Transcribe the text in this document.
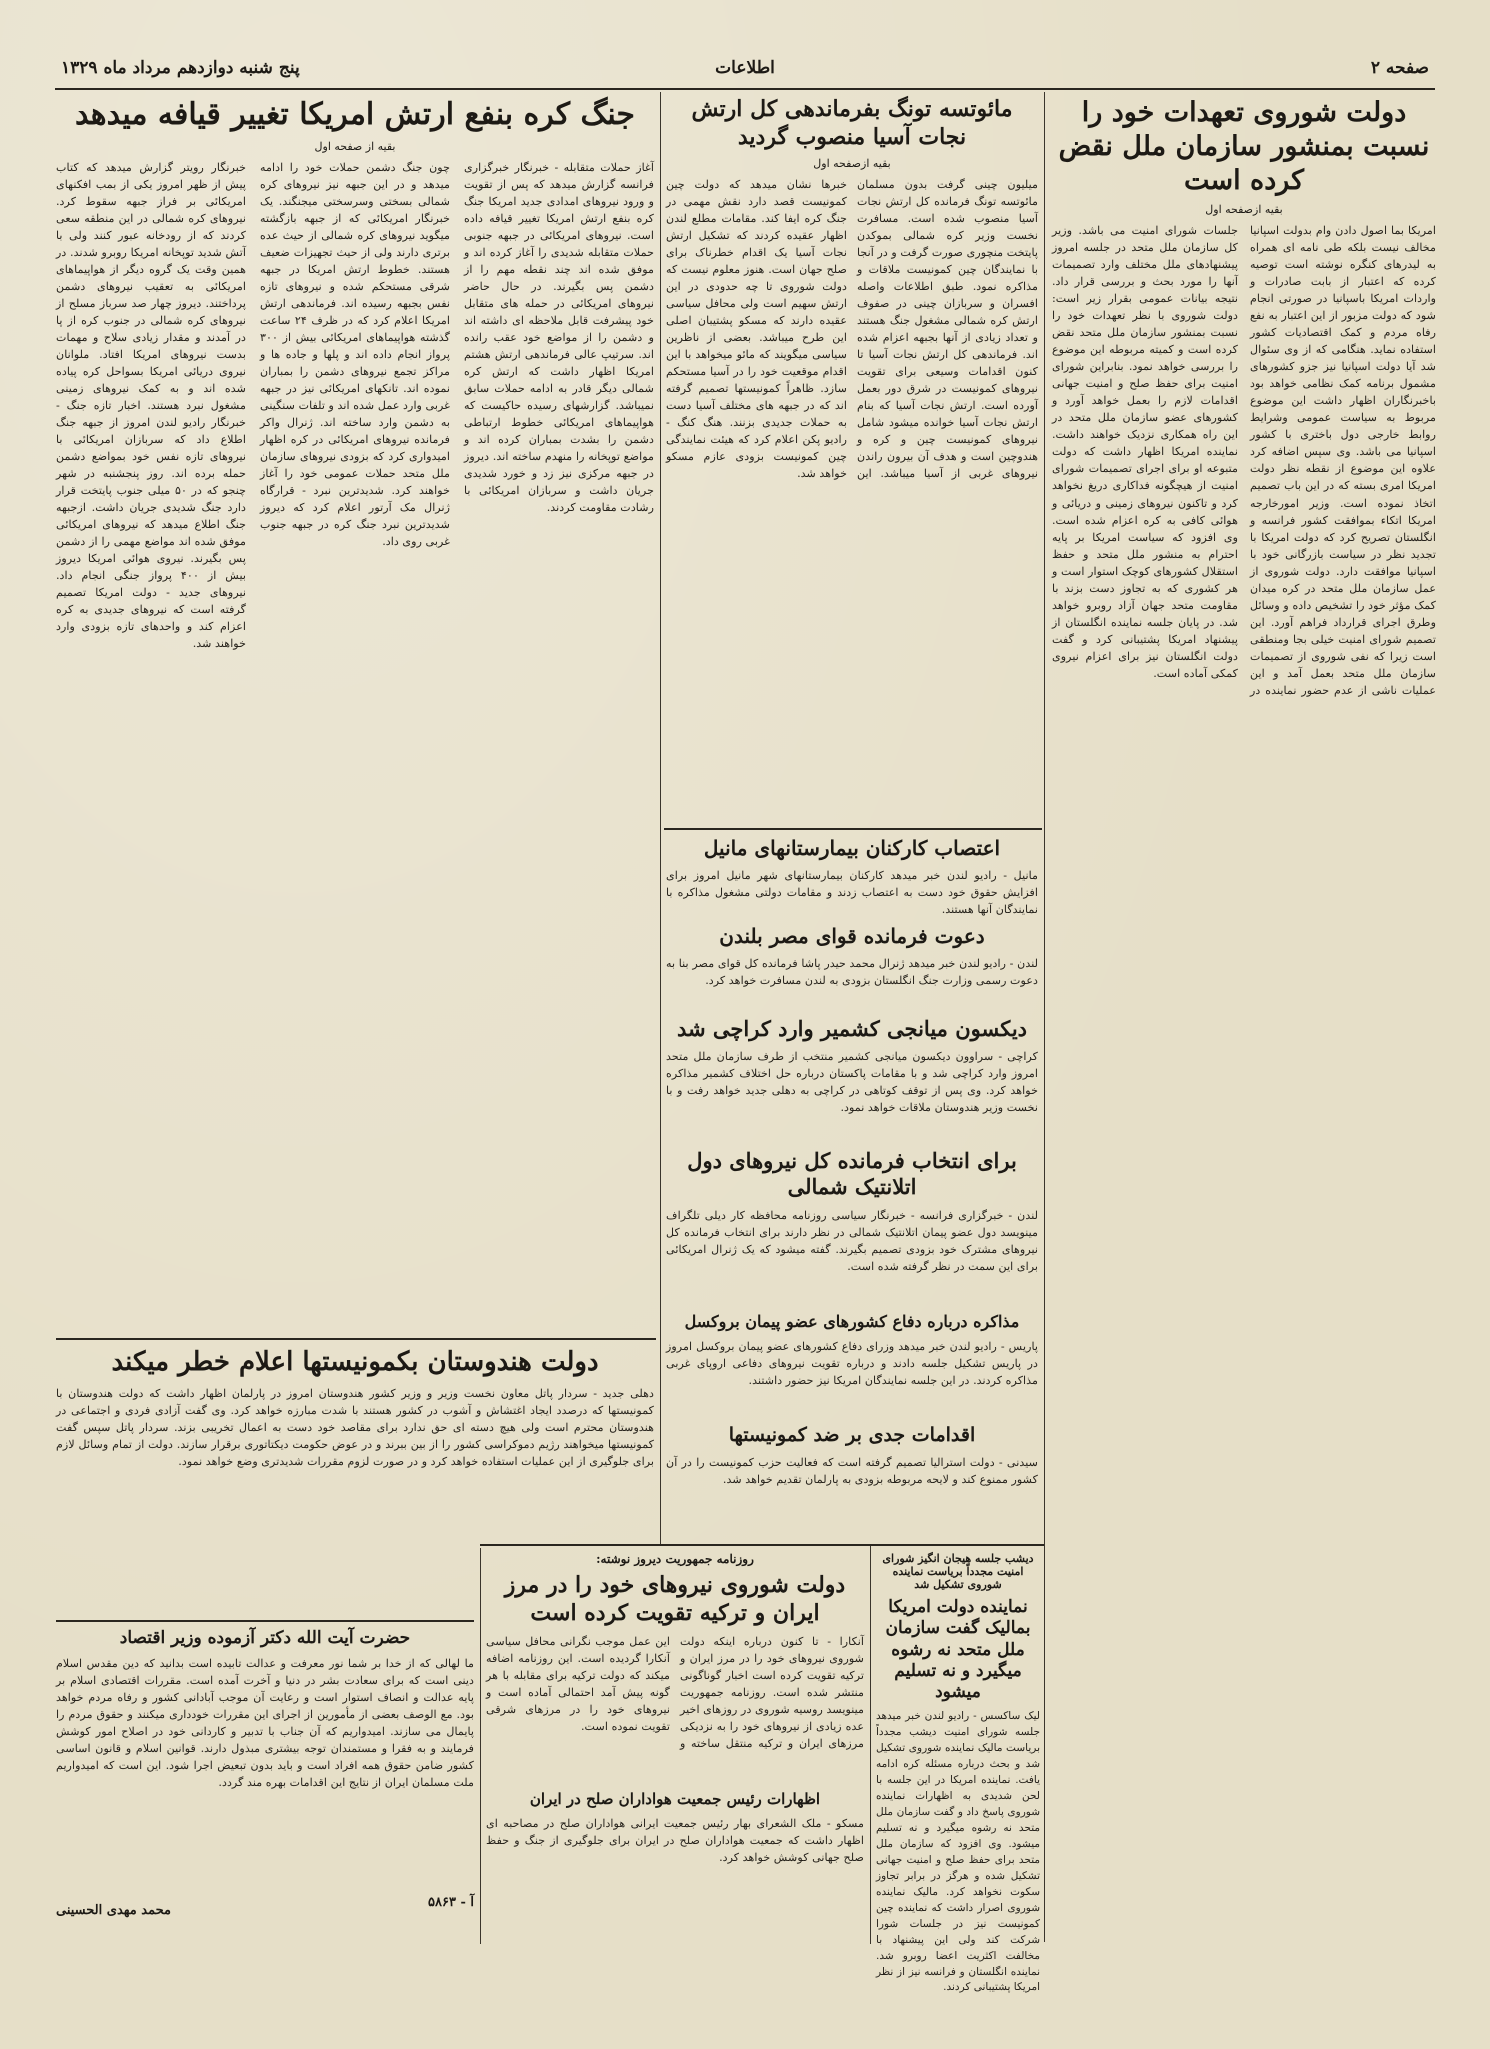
صفحه ۲
اطلاعات
پنج شنبه دوازدهم مرداد ماه ۱۳۲۹
دولت شوروی تعهدات خود را نسبت بمنشور سازمان ملل نقض کرده است

بقیه ازصفحه اول

امریکا بما اصول دادن وام بدولت اسپانیا مخالف نیست بلکه طی نامه ای همراه به لیدرهای کنگره نوشته است توصیه کرده که اعتبار از بابت صادرات و واردات امریکا باسپانیا در صورتی انجام شود که دولت مزبور از این اعتبار به نفع رفاه مردم و کمک اقتصادیات کشور استفاده نماید. هنگامی که از وی سئوال شد آیا دولت اسپانیا نیز جزو کشورهای مشمول برنامه کمک نظامی خواهد بود باخبرنگاران اظهار داشت این موضوع مربوط به سیاست عمومی وشرایط روابط خارجی دول باختری با کشور اسپانیا می باشد. وی سپس اضافه کرد علاوه این موضوع از نقطه نظر دولت امریکا امری بسته که در این باب تصمیم اتخاذ نموده است. وزیر امورخارجه امریکا اتکاء بموافقت کشور فرانسه و انگلستان تصریح کرد که دولت امریکا با تجدید نظر در سیاست بازرگانی خود با اسپانیا موافقت دارد. دولت شوروی از عمل سازمان ملل متحد در کره میدان کمک مؤثر خود را تشخیص داده و وسائل وطرق اجرای قرارداد فراهم آورد. این تصمیم شورای امنیت خیلی بجا ومنطقی است زیرا که نفی شوروی از تصمیمات سازمان ملل متحد بعمل آمد و این عملیات ناشی از عدم حضور نماینده در جلسات شورای امنیت می باشد. وزیر کل سازمان ملل متحد در جلسه امروز پیشنهادهای ملل مختلف وارد تصمیمات آنها را مورد بحث و بررسی قرار داد. نتیجه بیانات عمومی بقرار زیر است: دولت شوروی با نظر تعهدات خود را نسبت بمنشور سازمان ملل متحد نقض کرده است و کمیته مربوطه این موضوع را بررسی خواهد نمود. بنابراین شورای امنیت برای حفظ صلح و امنیت جهانی اقدامات لازم را بعمل خواهد آورد و کشورهای عضو سازمان ملل متحد در این راه همکاری نزدیک خواهند داشت. نماینده امریکا اظهار داشت که دولت متبوعه او برای اجرای تصمیمات شورای امنیت از هیچگونه فداکاری دریغ نخواهد کرد و تاکنون نیروهای زمینی و دریائی و هوائی کافی به کره اعزام شده است. وی افزود که سیاست امریکا بر پایه احترام به منشور ملل متحد و حفظ استقلال کشورهای کوچک استوار است و هر کشوری که به تجاوز دست بزند با مقاومت متحد جهان آزاد روبرو خواهد شد. در پایان جلسه نماینده انگلستان از پیشنهاد امریکا پشتیبانی کرد و گفت دولت انگلستان نیز برای اعزام نیروی کمکی آماده است.

مائوتسه تونگ بفرماندهی کل ارتش نجات آسیا منصوب گردید

بقیه ازصفحه اول

میلیون چینی گرفت بدون مسلمان مائوتسه تونگ فرمانده کل ارتش نجات آسیا منصوب شده است. مسافرت نخست وزیر کره شمالی بموکدن پایتخت منچوری صورت گرفت و در آنجا با نمایندگان چین کمونیست ملاقات و مذاکره نمود. طبق اطلاعات واصله افسران و سربازان چینی در صفوف ارتش کره شمالی مشغول جنگ هستند و تعداد زیادی از آنها بجبهه اعزام شده اند. فرماندهی کل ارتش نجات آسیا تا کنون اقدامات وسیعی برای تقویت نیروهای کمونیست در شرق دور بعمل آورده است. ارتش نجات آسیا که بنام ارتش نجات آسیا خوانده میشود شامل نیروهای کمونیست چین و کره و هندوچین است و هدف آن بیرون راندن نیروهای غربی از آسیا میباشد. این خبرها نشان میدهد که دولت چین کمونیست قصد دارد نقش مهمی در جنگ کره ایفا کند. مقامات مطلع لندن اظهار عقیده کردند که تشکیل ارتش نجات آسیا یک اقدام خطرناک برای صلح جهان است. هنوز معلوم نیست که دولت شوروی تا چه حدودی در این ارتش سهیم است ولی محافل سیاسی عقیده دارند که مسکو پشتیبان اصلی این طرح میباشد. بعضی از ناظرین سیاسی میگویند که مائو میخواهد با این اقدام موقعیت خود را در آسیا مستحکم سازد. ظاهراً کمونیستها تصمیم گرفته اند که در جبهه های مختلف آسیا دست به حملات جدیدی بزنند. هنگ کنگ - رادیو پکن اعلام کرد که هیئت نمایندگی چین کمونیست بزودی عازم مسکو خواهد شد.

اعتصاب کارکنان بیمارستانهای مانیل

مانیل - رادیو لندن خبر میدهد کارکنان بیمارستانهای شهر مانیل امروز برای افزایش حقوق خود دست به اعتصاب زدند و مقامات دولتی مشغول مذاکره با نمایندگان آنها هستند.

دعوت فرمانده قوای مصر بلندن

لندن - رادیو لندن خبر میدهد ژنرال محمد حیدر پاشا فرمانده کل قوای مصر بنا به دعوت رسمی وزارت جنگ انگلستان بزودی به لندن مسافرت خواهد کرد.

دیکسون میانجی کشمیر وارد کراچی شد

کراچی - سراوون دیکسون میانجی کشمیر منتخب از طرف سازمان ملل متحد امروز وارد کراچی شد و با مقامات پاکستان درباره حل اختلاف کشمیر مذاکره خواهد کرد. وی پس از توقف کوتاهی در کراچی به دهلی جدید خواهد رفت و با نخست وزیر هندوستان ملاقات خواهد نمود.

برای انتخاب فرمانده کل نیروهای دول اتلانتیک شمالی

لندن - خبرگزاری فرانسه - خبرنگار سیاسی روزنامه محافظه کار دیلی تلگراف مینویسد دول عضو پیمان اتلانتیک شمالی در نظر دارند برای انتخاب فرمانده کل نیروهای مشترک خود بزودی تصمیم بگیرند. گفته میشود که یک ژنرال امریکائی برای این سمت در نظر گرفته شده است.

مذاکره درباره دفاع کشورهای عضو پیمان بروکسل

پاریس - رادیو لندن خبر میدهد وزرای دفاع کشورهای عضو پیمان بروکسل امروز در پاریس تشکیل جلسه دادند و درباره تقویت نیروهای دفاعی اروپای غربی مذاکره کردند. در این جلسه نمایندگان امریکا نیز حضور داشتند.

اقدامات جدی بر ضد کمونیستها

سیدنی - دولت استرالیا تصمیم گرفته است که فعالیت حزب کمونیست را در آن کشور ممنوع کند و لایحه مربوطه بزودی به پارلمان تقدیم خواهد شد.

جنگ کره بنفع ارتش امریکا تغییر قیافه میدهد

بقیه از صفحه اول

آغاز حملات متقابله - خبرنگار خبرگزاری فرانسه گزارش میدهد که پس از تقویت و ورود نیروهای امدادی جدید امریکا جنگ کره بنفع ارتش امریکا تغییر قیافه داده است. نیروهای امریکائی در جبهه جنوبی حملات متقابله شدیدی را آغاز کرده اند و موفق شده اند چند نقطه مهم را از دشمن پس بگیرند. در حال حاضر نیروهای امریکائی در حمله های متقابل خود پیشرفت قابل ملاحظه ای داشته اند و دشمن را از مواضع خود عقب رانده اند. سرتیپ عالی فرماندهی ارتش هشتم امریکا اظهار داشت که ارتش کره شمالی دیگر قادر به ادامه حملات سابق نمیباشد. گزارشهای رسیده حاکیست که هواپیماهای امریکائی خطوط ارتباطی دشمن را بشدت بمباران کرده اند و مواضع توپخانه را منهدم ساخته اند. دیروز در جبهه مرکزی نیز زد و خورد شدیدی جریان داشت و سربازان امریکائی با رشادت مقاومت کردند.

چون جنگ دشمن حملات خود را ادامه میدهد و در این جبهه نیز نیروهای کره شمالی بسختی وسرسختی میجنگند. یک خبرنگار امریکائی که از جبهه بازگشته میگوید نیروهای کره شمالی از حیث عده برتری دارند ولی از حیث تجهیزات ضعیف هستند. خطوط ارتش امریکا در جبهه شرقی مستحکم شده و نیروهای تازه نفس بجبهه رسیده اند. فرماندهی ارتش امریکا اعلام کرد که در ظرف ۲۴ ساعت گذشته هواپیماهای امریکائی بیش از ۳۰۰ پرواز انجام داده اند و پلها و جاده ها و مراکز تجمع نیروهای دشمن را بمباران نموده اند. تانکهای امریکائی نیز در جبهه غربی وارد عمل شده اند و تلفات سنگینی به دشمن وارد ساخته اند. ژنرال واکر فرمانده نیروهای امریکائی در کره اظهار امیدواری کرد که بزودی نیروهای سازمان ملل متحد حملات عمومی خود را آغاز خواهند کرد. شدیدترین نبرد - قرارگاه ژنرال مک آرتور اعلام کرد که دیروز شدیدترین نبرد جنگ کره در جبهه جنوب غربی روی داد.

خبرنگار رویتر گزارش میدهد که کتاب پیش از ظهر امروز یکی از بمب افکنهای امریکائی بر فراز جبهه سقوط کرد. نیروهای کره شمالی در این منطقه سعی کردند که از رودخانه عبور کنند ولی با آتش شدید توپخانه امریکا روبرو شدند. در همین وقت یک گروه دیگر از هواپیماهای امریکائی به تعقیب نیروهای دشمن پرداختند. دیروز چهار صد سرباز مسلح از نیروهای کره شمالی در جنوب کره از پا در آمدند و مقدار زیادی سلاح و مهمات بدست نیروهای امریکا افتاد. ملوانان نیروی دریائی امریکا بسواحل کره پیاده شده اند و به کمک نیروهای زمینی مشغول نبرد هستند. اخبار تازه جنگ - خبرنگار رادیو لندن امروز از جبهه جنگ اطلاع داد که سربازان امریکائی با نیروهای تازه نفس خود بمواضع دشمن حمله برده اند. روز پنجشنبه در شهر چنجو که در ۵۰ میلی جنوب پایتخت قرار دارد جنگ شدیدی جریان داشت. ازجبهه جنگ اطلاع میدهد که نیروهای امریکائی موفق شده اند مواضع مهمی را از دشمن پس بگیرند. نیروی هوائی امریکا دیروز بیش از ۴۰۰ پرواز جنگی انجام داد. نیروهای جدید - دولت امریکا تصمیم گرفته است که نیروهای جدیدی به کره اعزام کند و واحدهای تازه بزودی وارد خواهند شد.

دولت هندوستان بکمونیستها اعلام خطر میکند

دهلی جدید - سردار پاتل معاون نخست وزیر و وزیر کشور هندوستان امروز در پارلمان اظهار داشت که دولت هندوستان با کمونیستها که درصدد ایجاد اغتشاش و آشوب در کشور هستند با شدت مبارزه خواهد کرد. وی گفت آزادی فردی و اجتماعی در هندوستان محترم است ولی هیچ دسته ای حق ندارد برای مقاصد خود دست به اعمال تخریبی بزند. سردار پاتل سپس گفت کمونیستها میخواهند رژیم دموکراسی کشور را از بین ببرند و در عوض حکومت دیکتاتوری برقرار سازند. دولت از تمام وسائل لازم برای جلوگیری از این عملیات استفاده خواهد کرد و در صورت لزوم مقررات شدیدتری وضع خواهد نمود.

حضرت آیت الله دکتر آزموده وزیر اقتصاد

ما لهالی که از خدا بر شما نور معرفت و عدالت تابیده است بدانید که دین مقدس اسلام دینی است که برای سعادت بشر در دنیا و آخرت آمده است. مقررات اقتصادی اسلام بر پایه عدالت و انصاف استوار است و رعایت آن موجب آبادانی کشور و رفاه مردم خواهد بود. مع الوصف بعضی از مأمورین از اجرای این مقررات خودداری میکنند و حقوق مردم را پایمال می سازند. امیدواریم که آن جناب با تدبیر و کاردانی خود در اصلاح امور کوشش فرمایند و به فقرا و مستمندان توجه بیشتری مبذول دارند. قوانین اسلام و قانون اساسی کشور ضامن حقوق همه افراد است و باید بدون تبعیض اجرا شود. این است که امیدواریم ملت مسلمان ایران از نتایج این اقدامات بهره مند گردد.

آ - ۵۸۶۳
محمد مهدی الحسینی

روزنامه جمهوریت دیروز نوشته:

دولت شوروی نیروهای خود را در مرز ایران و ترکیه تقویت کرده است

آنکارا - تا کنون درباره اینکه دولت شوروی نیروهای خود را در مرز ایران و ترکیه تقویت کرده است اخبار گوناگونی منتشر شده است. روزنامه جمهوریت مینویسد روسیه شوروی در روزهای اخیر عده زیادی از نیروهای خود را به نزدیکی مرزهای ایران و ترکیه منتقل ساخته و این عمل موجب نگرانی محافل سیاسی آنکارا گردیده است. این روزنامه اضافه میکند که دولت ترکیه برای مقابله با هر گونه پیش آمد احتمالی آماده است و نیروهای خود را در مرزهای شرقی تقویت نموده است.

اظهارات رئیس جمعیت هواداران صلح در ایران

مسکو - ملک الشعرای بهار رئیس جمعیت ایرانی هواداران صلح در مصاحبه ای اظهار داشت که جمعیت هواداران صلح در ایران برای جلوگیری از جنگ و حفظ صلح جهانی کوشش خواهد کرد.

دیشب جلسه هیجان انگیز شورای امنیت مجدداً بریاست نماینده شوروی تشکیل شد

نماینده دولت امریکا بمالیک گفت سازمان ملل متحد نه رشوه میگیرد و نه تسلیم میشود

لیک ساکسس - رادیو لندن خبر میدهد جلسه شورای امنیت دیشب مجدداً بریاست مالیک نماینده شوروی تشکیل شد و بحث درباره مسئله کره ادامه یافت. نماینده امریکا در این جلسه با لحن شدیدی به اظهارات نماینده شوروی پاسخ داد و گفت سازمان ملل متحد نه رشوه میگیرد و نه تسلیم میشود. وی افزود که سازمان ملل متحد برای حفظ صلح و امنیت جهانی تشکیل شده و هرگز در برابر تجاوز سکوت نخواهد کرد. مالیک نماینده شوروی اصرار داشت که نماینده چین کمونیست نیز در جلسات شورا شرکت کند ولی این پیشنهاد با مخالفت اکثریت اعضا روبرو شد. نماینده انگلستان و فرانسه نیز از نظر امریکا پشتیبانی کردند.
